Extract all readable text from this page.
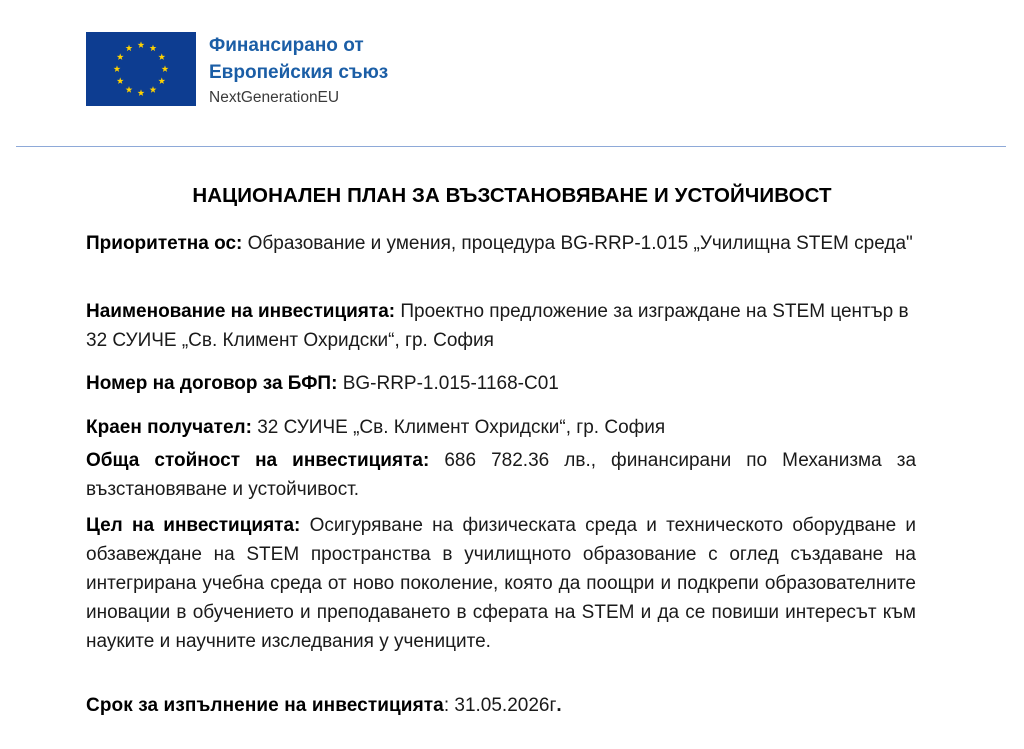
Финансирано от
Европейския съюз
NextGenerationEU
НАЦИОНАЛЕН ПЛАН ЗА ВЪЗСТАНОВЯВАНЕ И УСТОЙЧИВОСТ
Приоритетна ос: Образование и умения, процедура BG-RRP-1.015 „Училищна STEM среда"
Наименование на инвестицията: Проектно предложение за изграждане на STEM център в 32 СУИЧЕ „Св. Климент Охридски“, гр. София
Номер на договор за БФП: BG-RRP-1.015-1168-C01
Краен получател: 32 СУИЧЕ „Св. Климент Охридски“, гр. София
Обща стойност на инвестицията: 686 782.36 лв., финансирани по Механизма за възстановяване и устойчивост.
Цел на инвестицията: Осигуряване на физическата среда и техническото оборудване и обзавеждане на STEM пространства в училищното образование с оглед създаване на интегрирана учебна среда от ново поколение, която да поощри и подкрепи образователните иновации в обучението и преподаването в сферата на STEM и да се повиши интересът към науките и научните изследвания у учениците.
Срок за изпълнение на инвестицията: 31.05.2026г.
